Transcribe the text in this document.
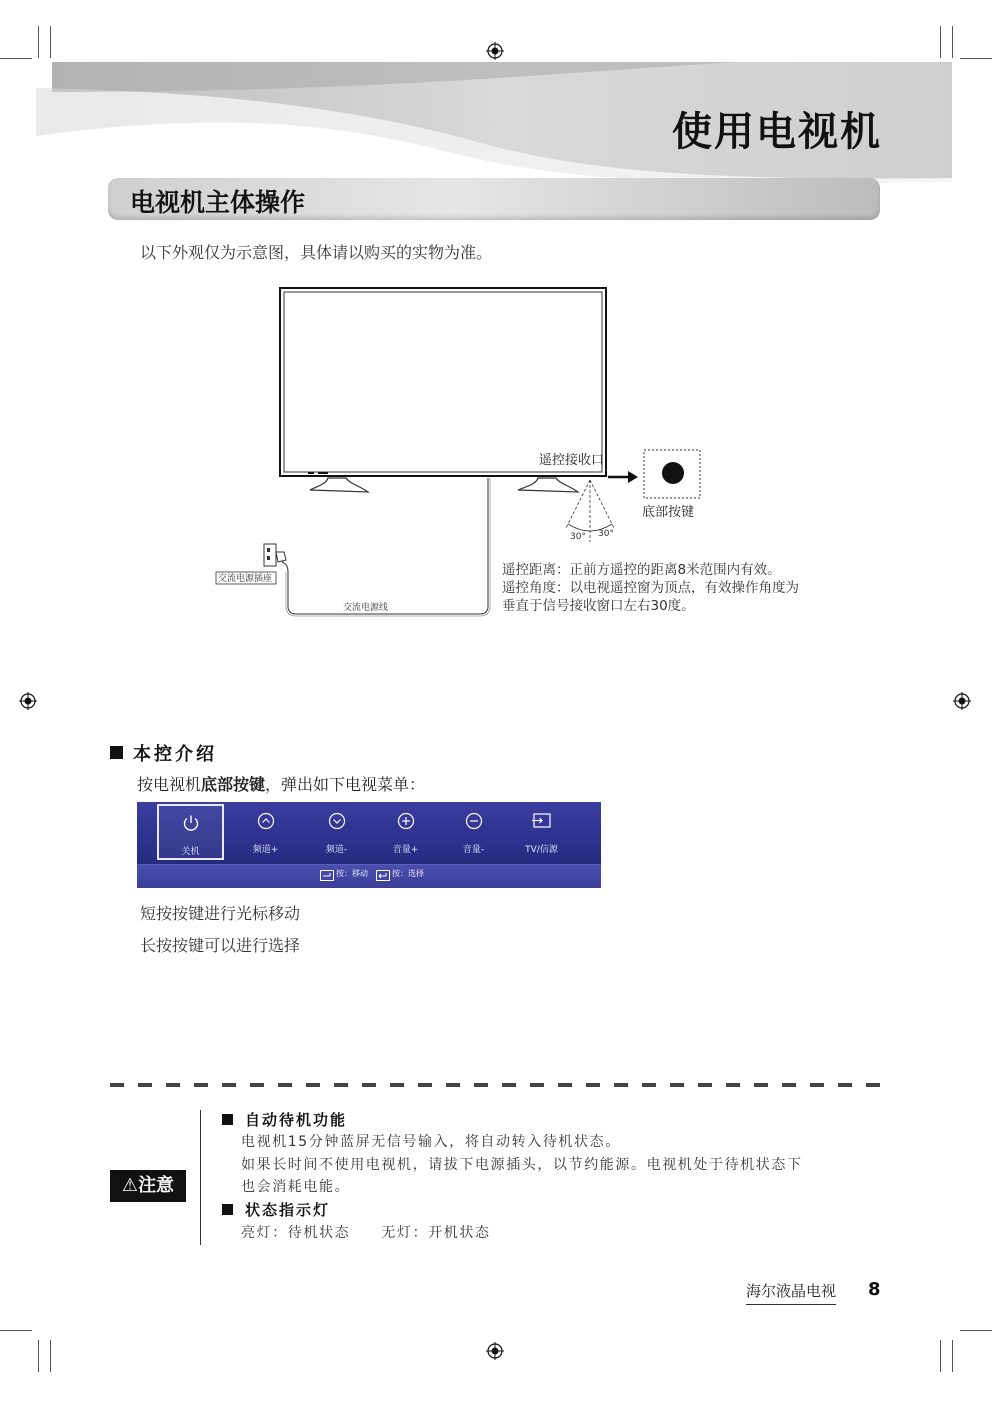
使用电视机
电视机主体操作
以下外观仅为示意图，具体请以购买的实物为准。
遥控接收口
底部按键
30° 30°
交流电源插座
交流电源线
遥控距离：正前方遥控的距离8米范围内有效。
遥控角度：以电视遥控窗为顶点，有效操作角度为
垂直于信号接收窗口左右30度。
本控介绍
按电视机底部按键，弹出如下电视菜单：
关机	频道+	频道-	音量+	音量-	TV/信源
按：移动	按：选择
短按按键进行光标移动
长按按键可以进行选择
⚠注意
自动待机功能
电视机15分钟蓝屏无信号输入，将自动转入待机状态。
如果长时间不使用电视机，请拔下电源插头，以节约能源。电视机处于待机状态下
也会消耗电能。
状态指示灯
亮灯：待机状态　　无灯：开机状态
海尔液晶电视 8
